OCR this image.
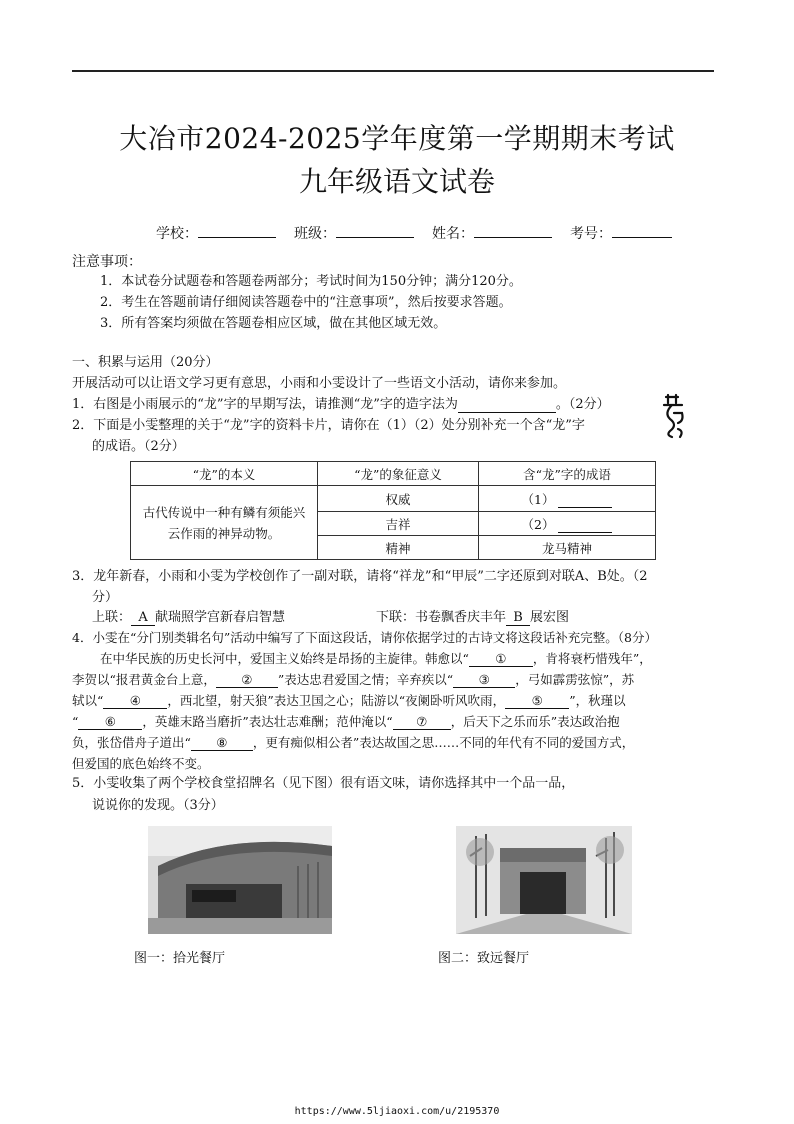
大冶市2024-2025学年度第一学期期末考试
九年级语文试卷
学校：	班级：	姓名：	考号：
注意事项：
1．本试卷分试题卷和答题卷两部分；考试时间为150分钟；满分120分。
2．考生在答题前请仔细阅读答题卷中的“注意事项”，然后按要求答题。
3．所有答案均须做在答题卷相应区域，做在其他区域无效。
一、积累与运用（20分）
开展活动可以让语文学习更有意思，小雨和小雯设计了一些语文小活动，请你来参加。
1．右图是小雨展示的“龙”字的早期写法，请推测“龙”字的造字法为	。（2分）
2．下面是小雯整理的关于“龙”字的资料卡片，请你在（1）（2）处分别补充一个含“龙”字
的成语。（2分）
“龙”的本义	“龙”的象征意义	含“龙”字的成语
古代传说中一种有鳞有须能兴云作雨的神异动物。	权威	（1）
	吉祥	（2）
	精神	龙马精神
3．龙年新春，小雨和小雯为学校创作了一副对联，请将“祥龙”和“甲辰”二字还原到对联A、B处。（2
分）
上联： A 献瑞照学宫新春启智慧	下联：书卷飘香庆丰年 B 展宏图
4．小雯在“分门别类辑名句”活动中编写了下面这段话，请你依据学过的古诗文将这段话补充完整。（8分）
在中华民族的历史长河中，爱国主义始终是昂扬的主旋律。韩愈以“ ① ，肯将衰朽惜残年”，
李贺以“报君黄金台上意， ② ”表达忠君爱国之情；辛弃疾以“ ③ ，弓如霹雳弦惊”，苏
轼以“ ④ ，西北望，射天狼”表达卫国之心；陆游以“夜阑卧听风吹雨， ⑤ ”，秋瑾以
“ ⑥ ，英雄末路当磨折”表达壮志难酬；范仲淹以“ ⑦ ，后天下之乐而乐”表达政治抱
负，张岱借舟子道出“ ⑧ ，更有痴似相公者”表达故国之思……不同的年代有不同的爱国方式，
但爱国的底色始终不变。
5．小雯收集了两个学校食堂招牌名（见下图）很有语文味，请你选择其中一个品一品，
说说你的发现。（3分）
图一：拾光餐厅	图二：致远餐厅
https://www.5ljiaoxi.com/u/2195370
